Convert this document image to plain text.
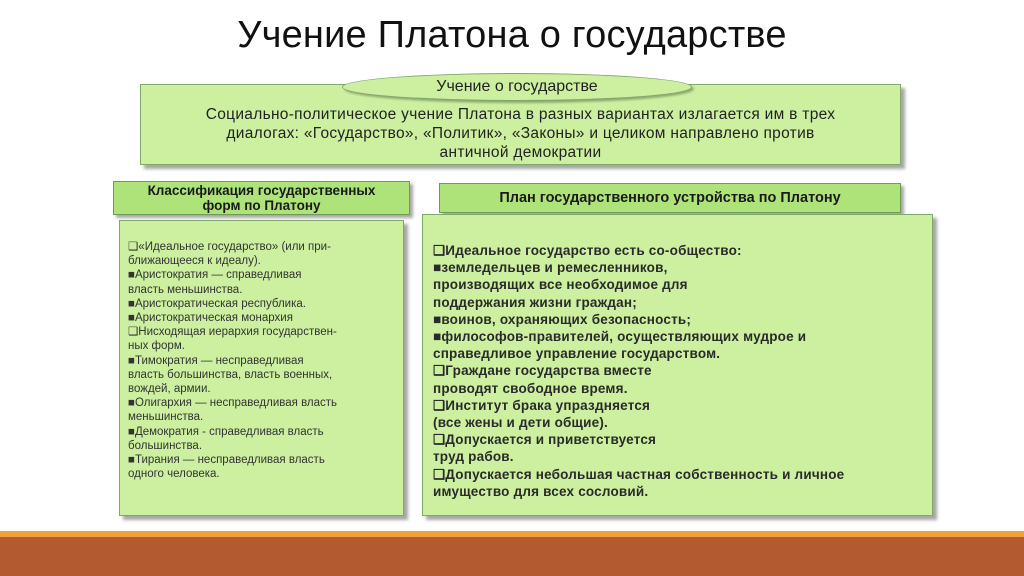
Учение Платона о государстве
Социально-политическое учение Платона в разных вариантах излагается им в трех
диалогах: «Государство», «Политик», «Законы» и целиком направлено против
античной демократии
Учение о государстве
Классификация государственных
форм по Платону	План государственного устройства по Платону
❑«Идеальное государство» (или при-
ближающееся к идеалу).
■Аристократия — справедливая
власть меньшинства.
■Аристократическая республика.
■Аристократическая монархия
❑Нисходящая иерархия государствен-
ных форм.
■Тимократия — несправедливая
власть большинства, власть военных,
вождей, армии.
■Олигархия — несправедливая власть
меньшинства.
■Демократия - справедливая власть
большинства.
■Тирания — несправедливая власть
одного человека.
❑Идеальное государство есть со-общество:
■земледельцев и ремесленников,
производящих все необходимое для
поддержания жизни граждан;
■воинов, охраняющих безопасность;
■философов-правителей, осуществляющих мудрое и
справедливое управление государством.
❑Граждане государства вместе
проводят свободное время.
❑Институт брака упраздняется
(все жены и дети общие).
❑Допускается и приветствуется
труд рабов.
❑Допускается небольшая частная собственность и личное
имущество для всех сословий.
